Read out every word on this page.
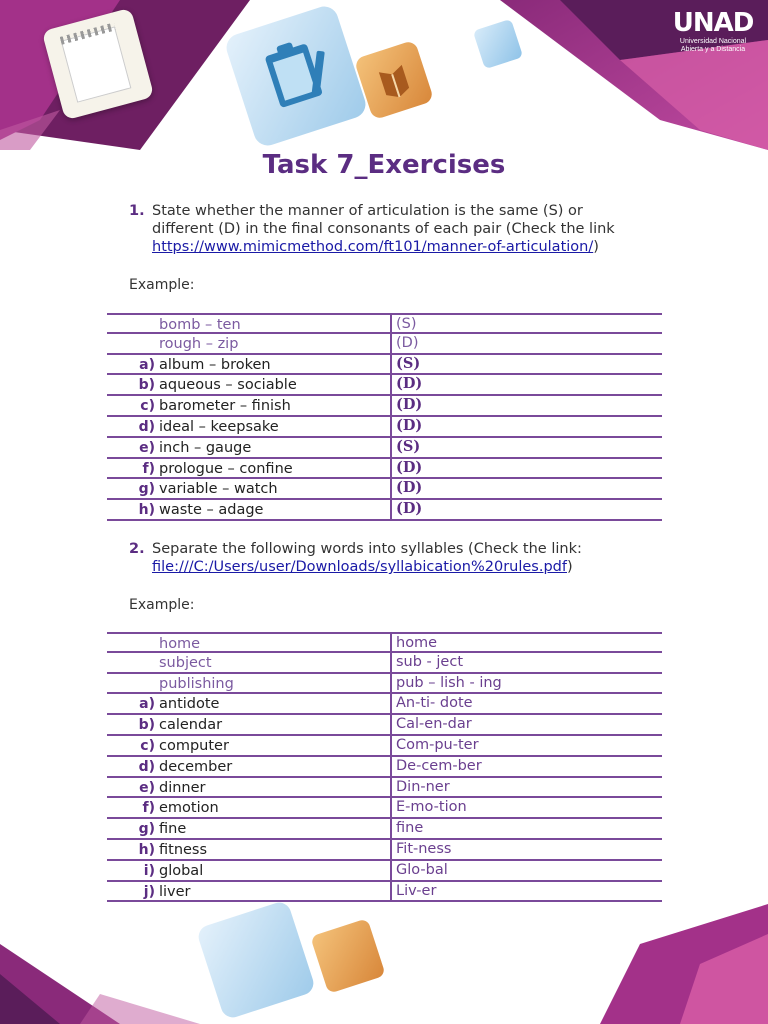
UNAD
Universidad Nacional Abierta y a Distancia
Task 7_Exercises
1. State whether the manner of articulation is the same (S) or different (D) in the final consonants of each pair (Check the link https://www.mimicmethod.com/ft101/manner-of-articulation/)
Example:
bomb – ten	(S)
rough – zip	(D)
a) album – broken	(S)
b) aqueous – sociable	(D)
c) barometer – finish	(D)
d) ideal – keepsake	(D)
e) inch – gauge	(S)
f) prologue – confine	(D)
g) variable – watch	(D)
h) waste – adage	(D)
2. Separate the following words into syllables (Check the link: file:///C:/Users/user/Downloads/syllabication%20rules.pdf)
Example:
home	home
subject	sub - ject
publishing	pub – lish - ing
a) antidote	An-ti- dote
b) calendar	Cal-en-dar
c) computer	Com-pu-ter
d) december	De-cem-ber
e) dinner	Din-ner
f) emotion	E-mo-tion
g) fine	fine
h) fitness	Fit-ness
i) global	Glo-bal
j) liver	Liv-er
